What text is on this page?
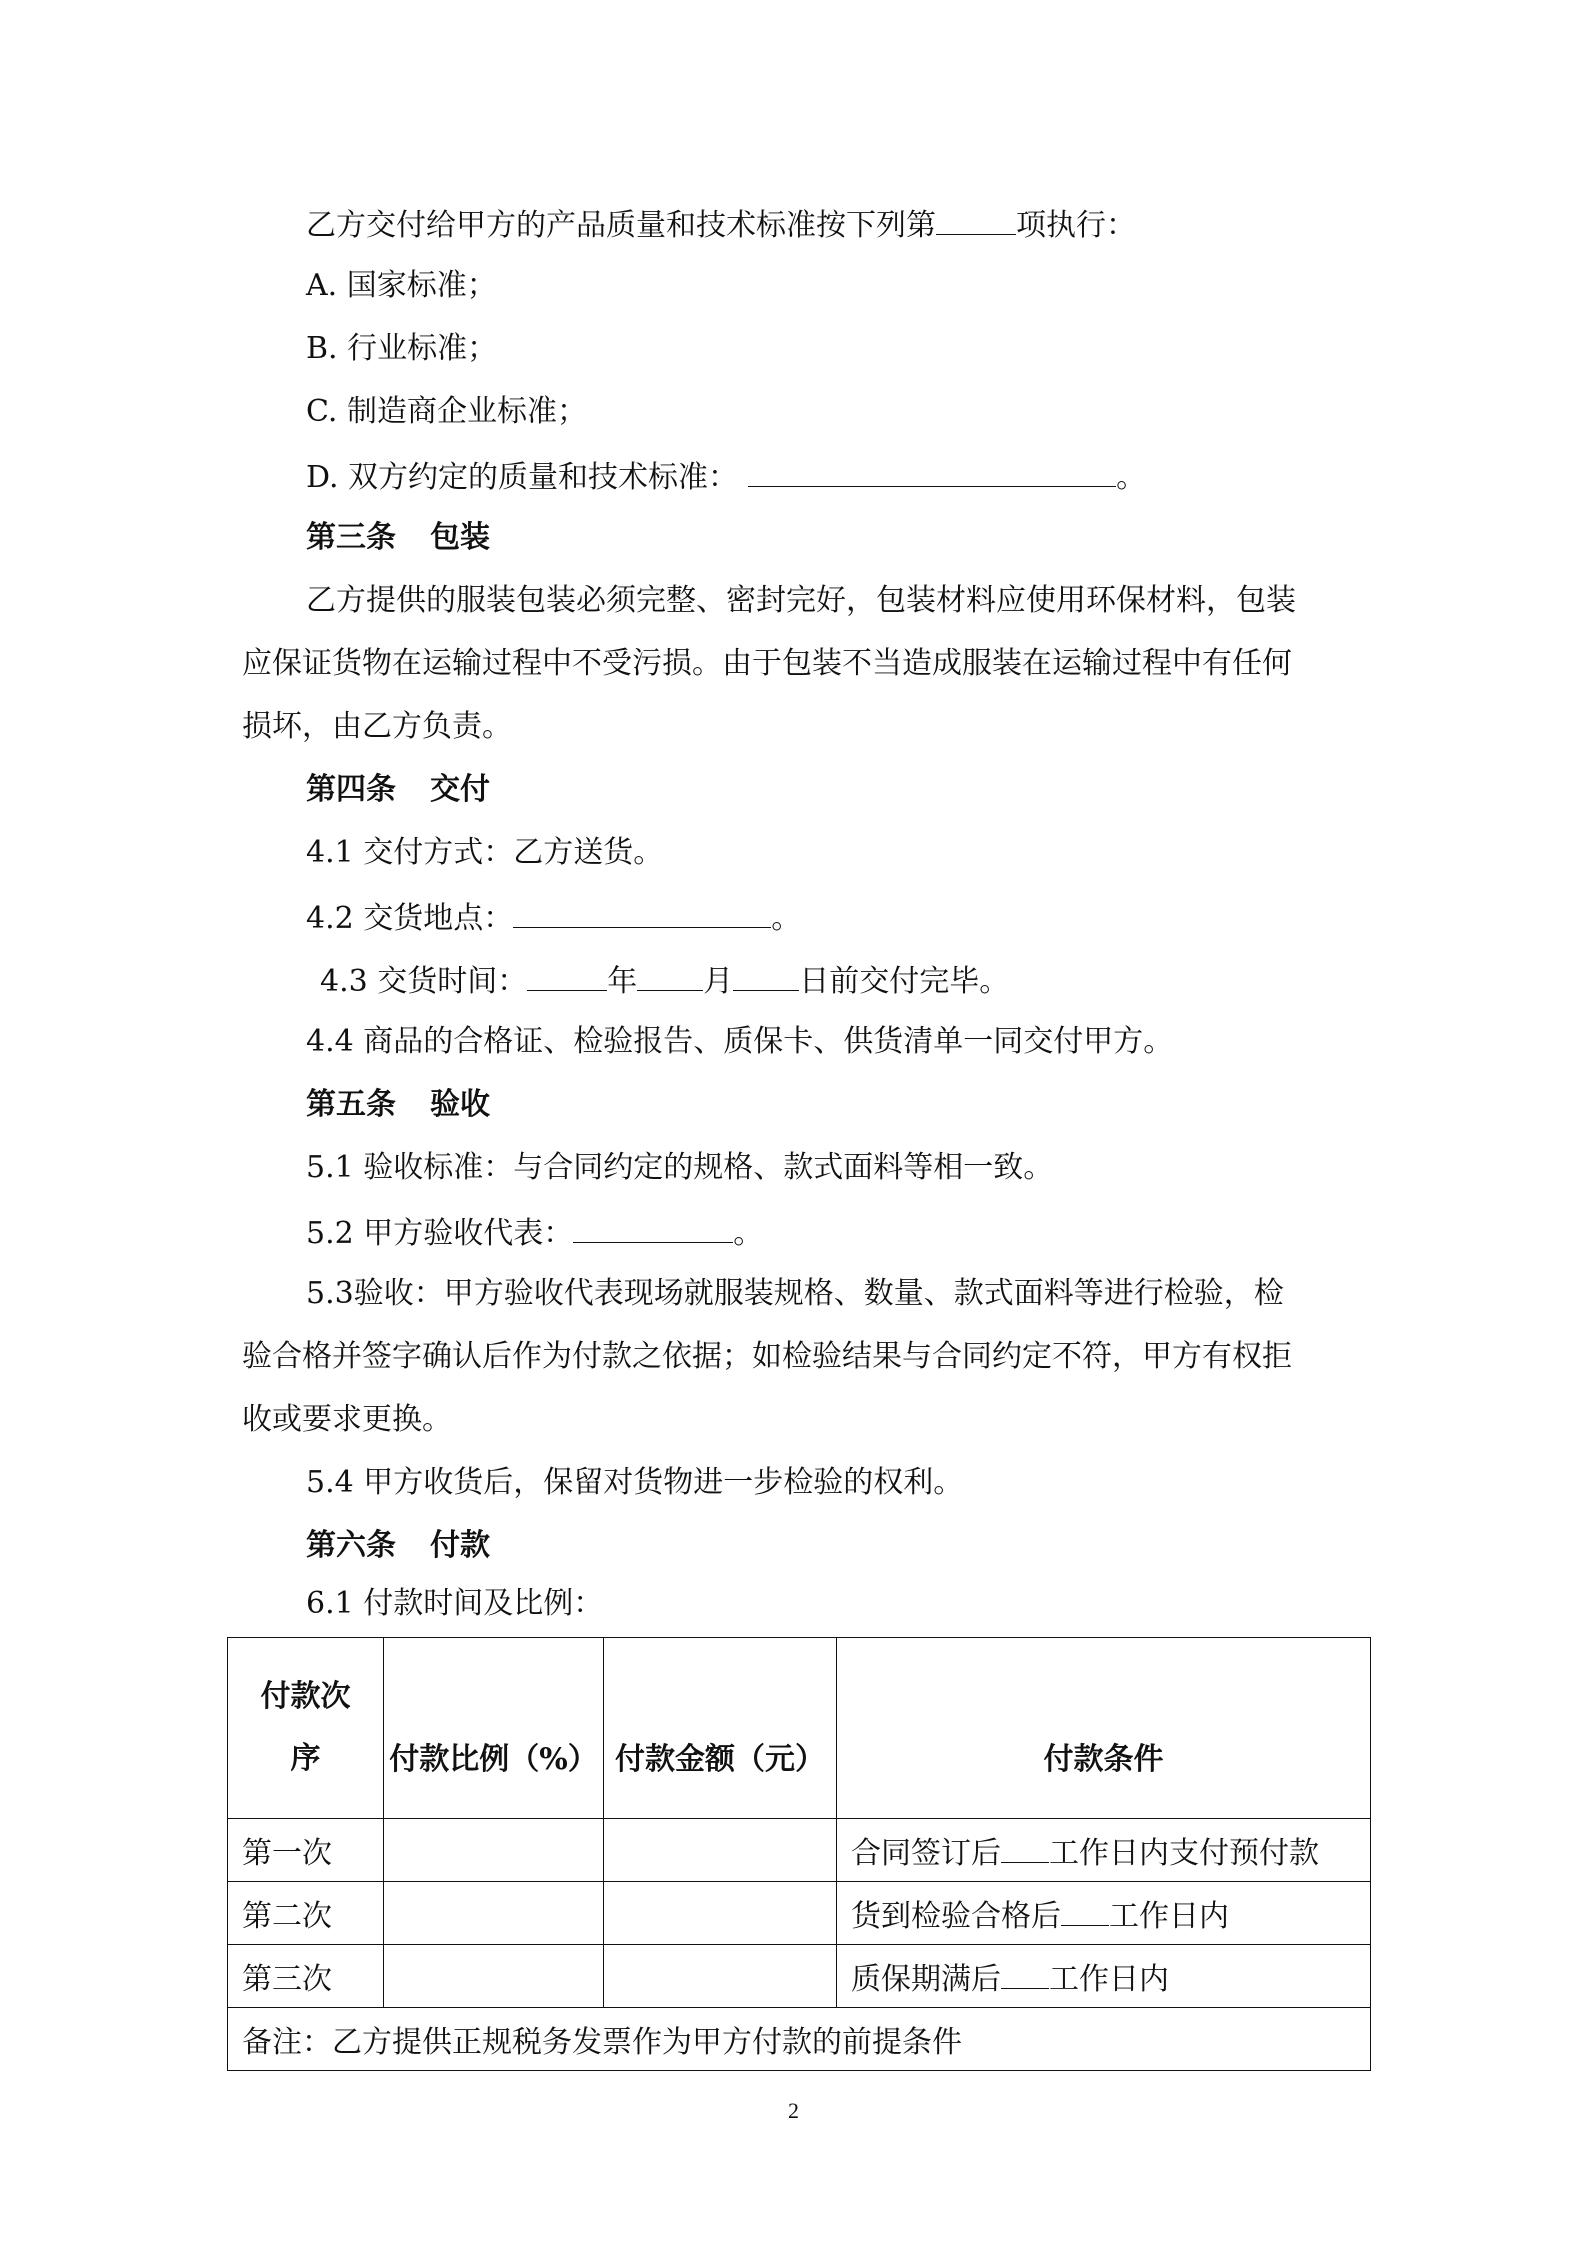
乙方交付给甲方的产品质量和技术标准按下列第	项执行：
A. 国家标准；
B. 行业标准；
C. 制造商企业标准；
D. 双方约定的质量和技术标准：	。
第三条 包装
乙方提供的服装包装必须完整、密封完好，包装材料应使用环保材料，包装
应保证货物在运输过程中不受污损。由于包装不当造成服装在运输过程中有任何
损坏，由乙方负责。
第四条 交付
4.1 交付方式：乙方送货。
4.2 交货地点：	。
4.3 交货时间：	年 月 日前交付完毕。
4.4 商品的合格证、检验报告、质保卡、供货清单一同交付甲方。
第五条 验收
5.1 验收标准：与合同约定的规格、款式面料等相一致。
5.2 甲方验收代表：	。
5.3验收：甲方验收代表现场就服装规格、数量、款式面料等进行检验，检
验合格并签字确认后作为付款之依据；如检验结果与合同约定不符，甲方有权拒
收或要求更换。
5.4 甲方收货后，保留对货物进一步检验的权利。
第六条 付款
6.1 付款时间及比例：
付款次
序	付款比例（%）	付款金额（元）	付款条件
第一次			合同签订后 工作日内支付预付款
第二次			货到检验合格后 工作日内
第三次			质保期满后 工作日内
备注：乙方提供正规税务发票作为甲方付款的前提条件			
2
